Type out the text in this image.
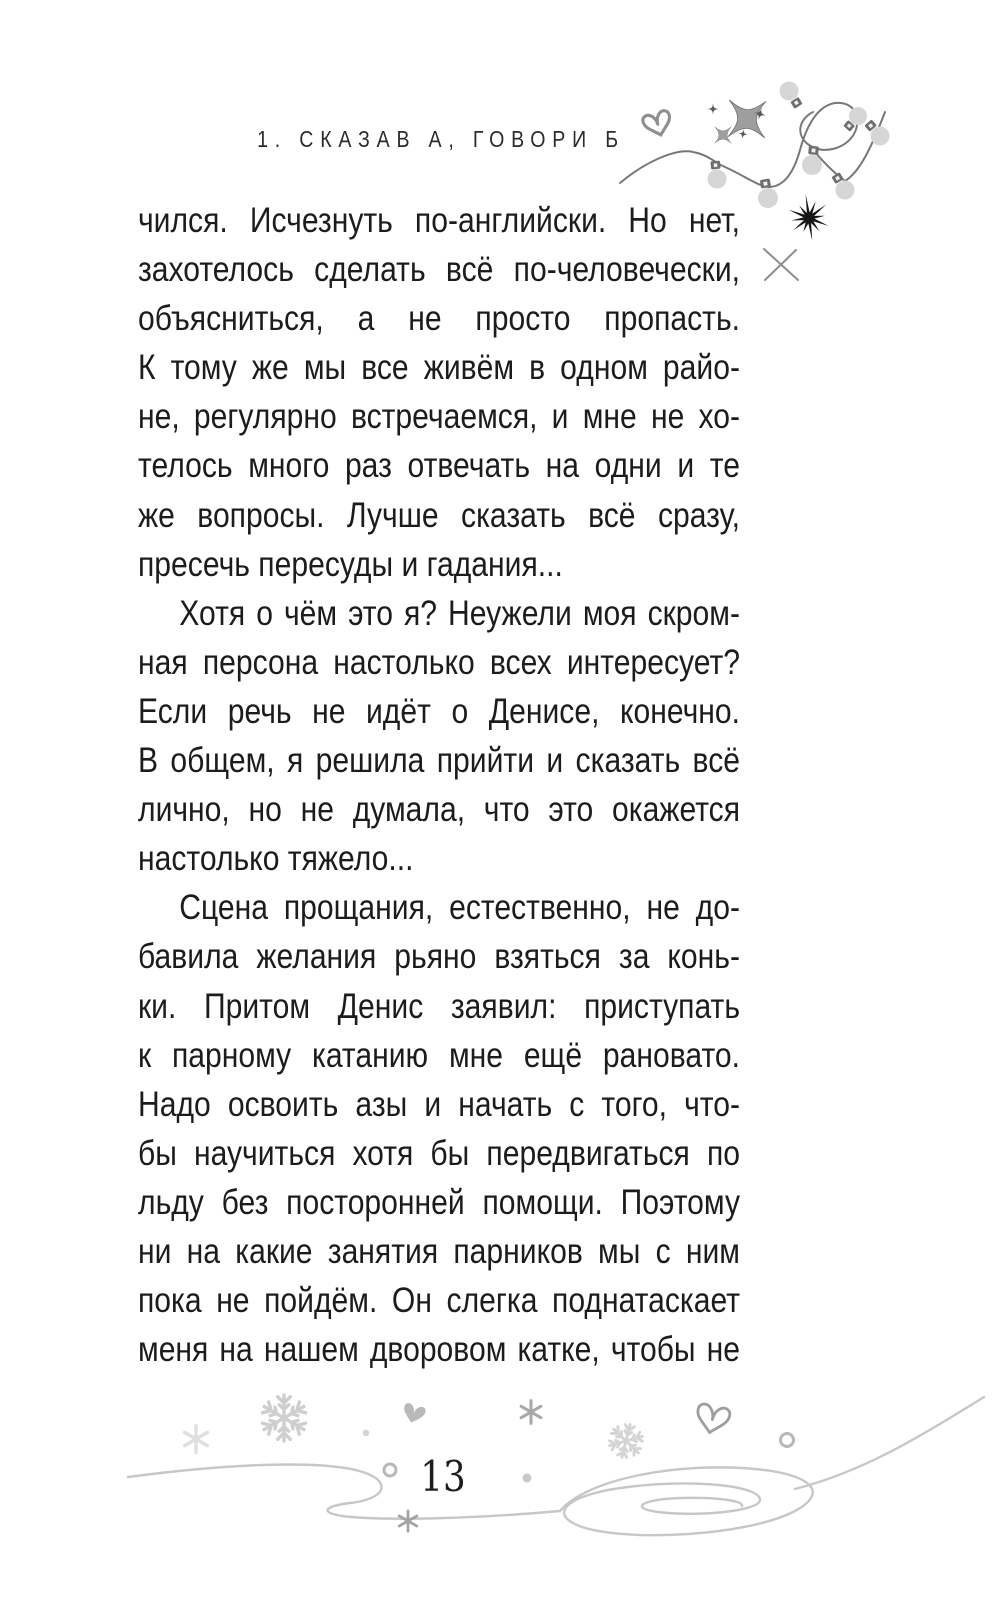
1. СКАЗАВ А, ГОВОРИ Б
чился. Исчезнуть по-английски. Но нет,
захотелось сделать всё по-человечески,
объясниться, а не просто пропасть.
К тому же мы все живём в одном райо-
не, регулярно встречаемся, и мне не хо-
телось много раз отвечать на одни и те
же вопросы. Лучше сказать всё сразу,
пресечь пересуды и гадания...
Хотя о чём это я? Неужели моя скром-
ная персона настолько всех интересует?
Если речь не идёт о Денисе, конечно.
В общем, я решила прийти и сказать всё
лично, но не думала, что это окажется
настолько тяжело...
Сцена прощания, естественно, не до-
бавила желания рьяно взяться за конь-
ки. Притом Денис заявил: приступать
к парному катанию мне ещё рановато.
Надо освоить азы и начать с того, что-
бы научиться хотя бы передвигаться по
льду без посторонней помощи. Поэтому
ни на какие занятия парников мы с ним
пока не пойдём. Он слегка поднатаскает
меня на нашем дворовом катке, чтобы не
13
